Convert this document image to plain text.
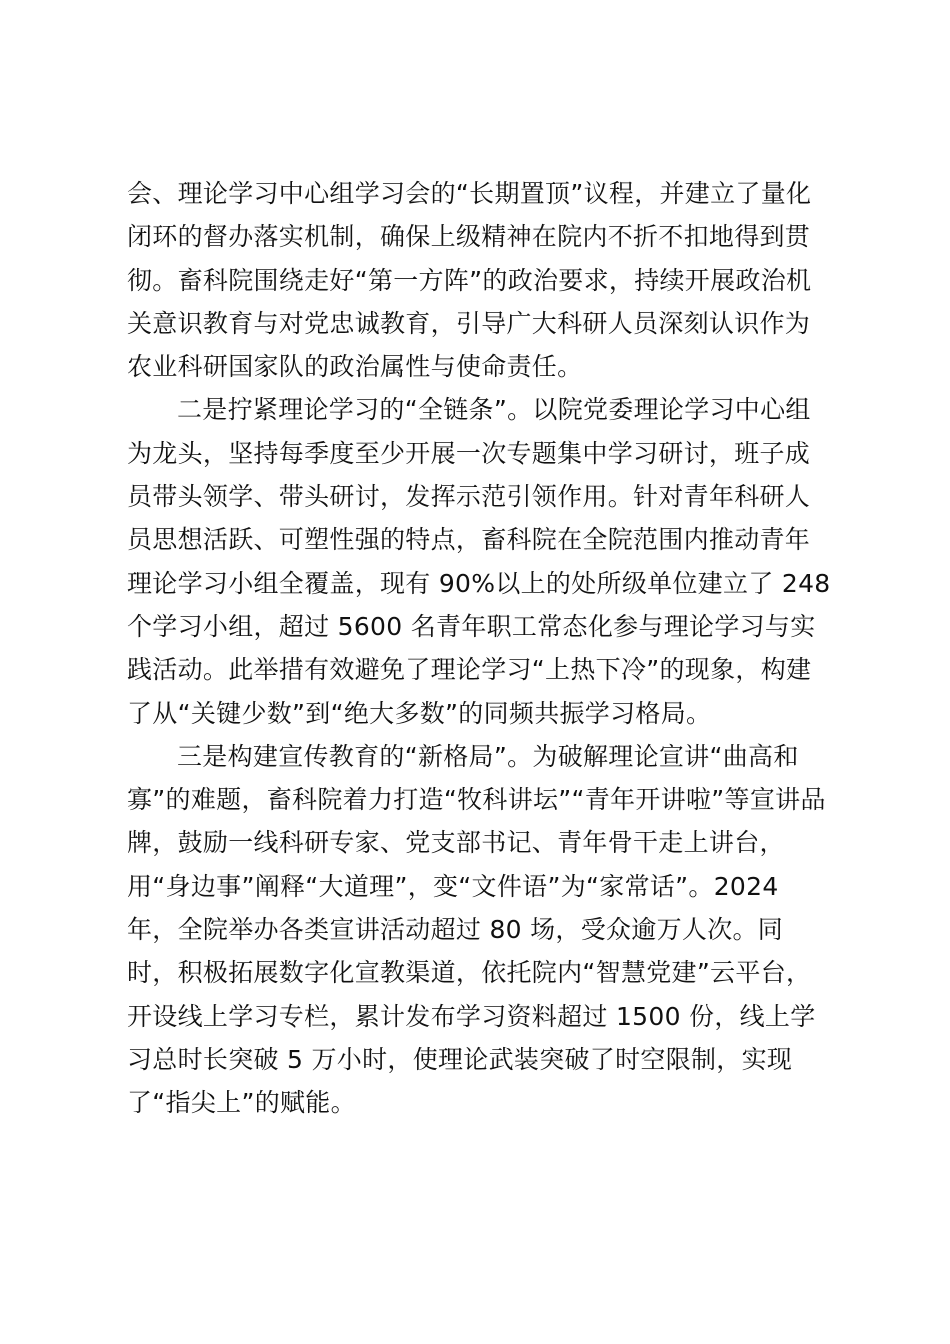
会、理论学习中心组学习会的“长期置顶”议程，并建立了量化
闭环的督办落实机制，确保上级精神在院内不折不扣地得到贯
彻。畜科院围绕走好“第一方阵”的政治要求，持续开展政治机
关意识教育与对党忠诚教育，引导广大科研人员深刻认识作为
农业科研国家队的政治属性与使命责任。
二是拧紧理论学习的“全链条”。以院党委理论学习中心组
为龙头，坚持每季度至少开展一次专题集中学习研讨，班子成
员带头领学、带头研讨，发挥示范引领作用。针对青年科研人
员思想活跃、可塑性强的特点，畜科院在全院范围内推动青年
理论学习小组全覆盖，现有 90%以上的处所级单位建立了 248
个学习小组，超过 5600 名青年职工常态化参与理论学习与实
践活动。此举措有效避免了理论学习“上热下冷”的现象，构建
了从“关键少数”到“绝大多数”的同频共振学习格局。
三是构建宣传教育的“新格局”。为破解理论宣讲“曲高和
寡”的难题，畜科院着力打造“牧科讲坛”“青年开讲啦”等宣讲品
牌，鼓励一线科研专家、党支部书记、青年骨干走上讲台，
用“身边事”阐释“大道理”，变“文件语”为“家常话”。2024
年，全院举办各类宣讲活动超过 80 场，受众逾万人次。同
时，积极拓展数字化宣教渠道，依托院内“智慧党建”云平台，
开设线上学习专栏，累计发布学习资料超过 1500 份，线上学
习总时长突破 5 万小时，使理论武装突破了时空限制，实现
了“指尖上”的赋能。
